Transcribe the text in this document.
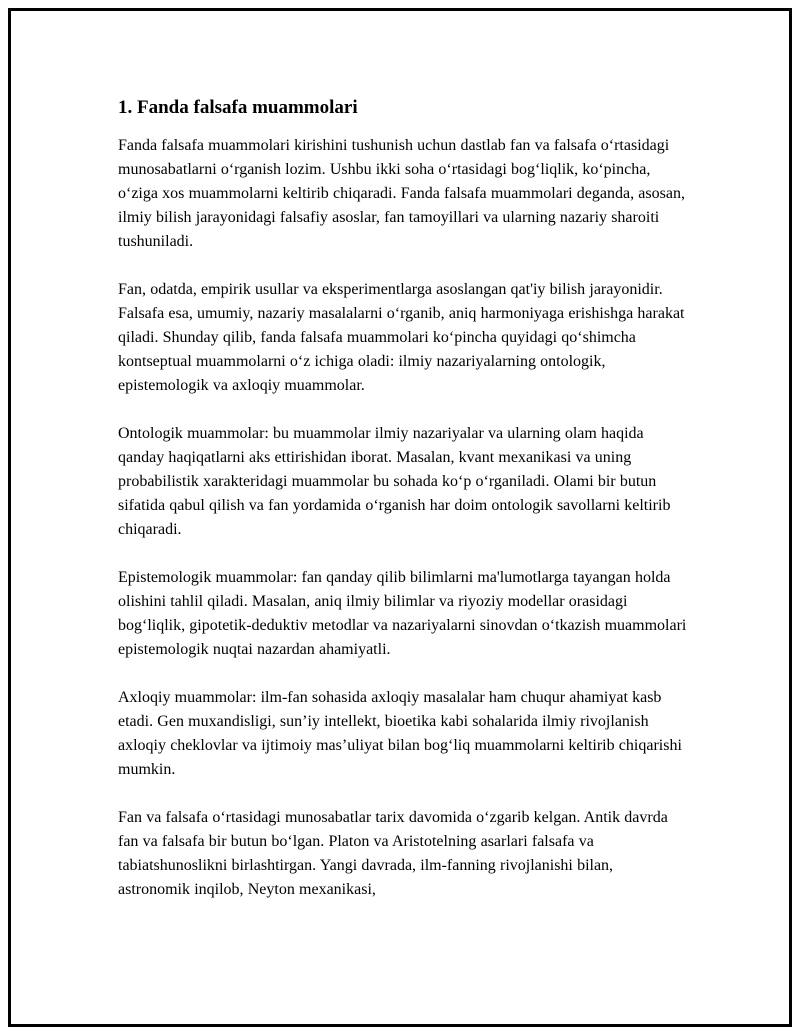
1. Fanda falsafa muammolari

Fanda falsafa muammolari kirishini tushunish uchun dastlab fan va falsafa o‘rtasidagi munosabatlarni o‘rganish lozim. Ushbu ikki soha o‘rtasidagi bog‘liqlik, ko‘pincha, o‘ziga xos muammolarni keltirib chiqaradi. Fanda falsafa muammolari deganda, asosan, ilmiy bilish jarayonidagi falsafiy asoslar, fan tamoyillari va ularning nazariy sharoiti tushuniladi.

Fan, odatda, empirik usullar va eksperimentlarga asoslangan qat'iy bilish jarayonidir. Falsafa esa, umumiy, nazariy masalalarni o‘rganib, aniq harmoniyaga erishishga harakat qiladi. Shunday qilib, fanda falsafa muammolari ko‘pincha quyidagi qo‘shimcha kontseptual muammolarni o‘z ichiga oladi: ilmiy nazariyalarning ontologik, epistemologik va axloqiy muammolar.

Ontologik muammolar: bu muammolar ilmiy nazariyalar va ularning olam haqida qanday haqiqatlarni aks ettirishidan iborat. Masalan, kvant mexanikasi va uning probabilistik xarakteridagi muammolar bu sohada ko‘p o‘rganiladi. Olami bir butun sifatida qabul qilish va fan yordamida o‘rganish har doim ontologik savollarni keltirib chiqaradi.

Epistemologik muammolar: fan qanday qilib bilimlarni ma'lumotlarga tayangan holda olishini tahlil qiladi. Masalan, aniq ilmiy bilimlar va riyoziy modellar orasidagi bog‘liqlik, gipotetik-deduktiv metodlar va nazariyalarni sinovdan o‘tkazish muammolari epistemologik nuqtai nazardan ahamiyatli.

Axloqiy muammolar: ilm-fan sohasida axloqiy masalalar ham chuqur ahamiyat kasb etadi. Gen muxandisligi, sun’iy intellekt, bioetika kabi sohalarida ilmiy rivojlanish axloqiy cheklovlar va ijtimoiy mas’uliyat bilan bog‘liq muammolarni keltirib chiqarishi mumkin.

Fan va falsafa o‘rtasidagi munosabatlar tarix davomida o‘zgarib kelgan. Antik davrda fan va falsafa bir butun bo‘lgan. Platon va Aristotelning asarlari falsafa va tabiatshunoslikni birlashtirgan. Yangi davrada, ilm-fanning rivojlanishi bilan, astronomik inqilob, Neyton mexanikasi,
